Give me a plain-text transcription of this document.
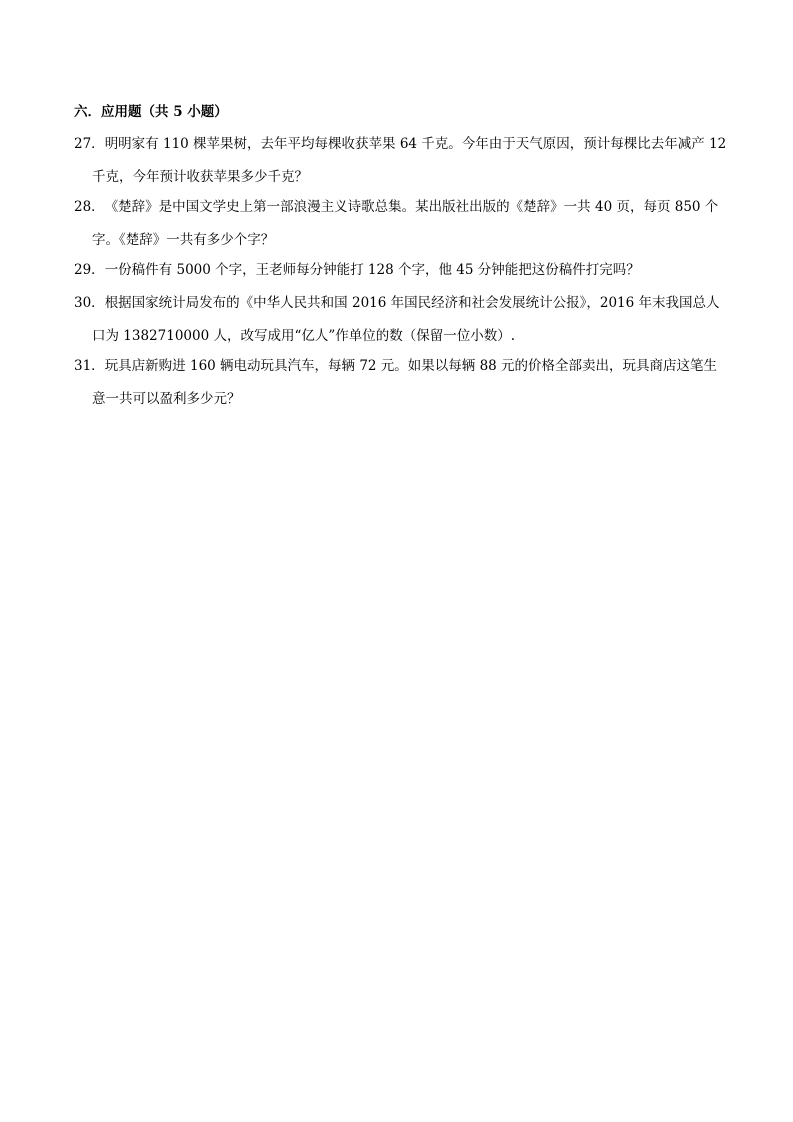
六．应用题（共 5 小题）
27．明明家有 110 棵苹果树，去年平均每棵收获苹果 64 千克。今年由于天气原因，预计每棵比去年减产 12
千克，今年预计收获苹果多少千克？
28．《楚辞》是中国文学史上第一部浪漫主义诗歌总集。某出版社出版的《楚辞》一共 40 页，每页 850 个
字。《楚辞》一共有多少个字？
29．一份稿件有 5000 个字，王老师每分钟能打 128 个字，他 45 分钟能把这份稿件打完吗？
30．根据国家统计局发布的《中华人民共和国 2016 年国民经济和社会发展统计公报》，2016 年末我国总人
口为 1382710000 人，改写成用“亿人”作单位的数（保留一位小数）.
31．玩具店新购进 160 辆电动玩具汽车，每辆 72 元。如果以每辆 88 元的价格全部卖出，玩具商店这笔生
意一共可以盈利多少元？
